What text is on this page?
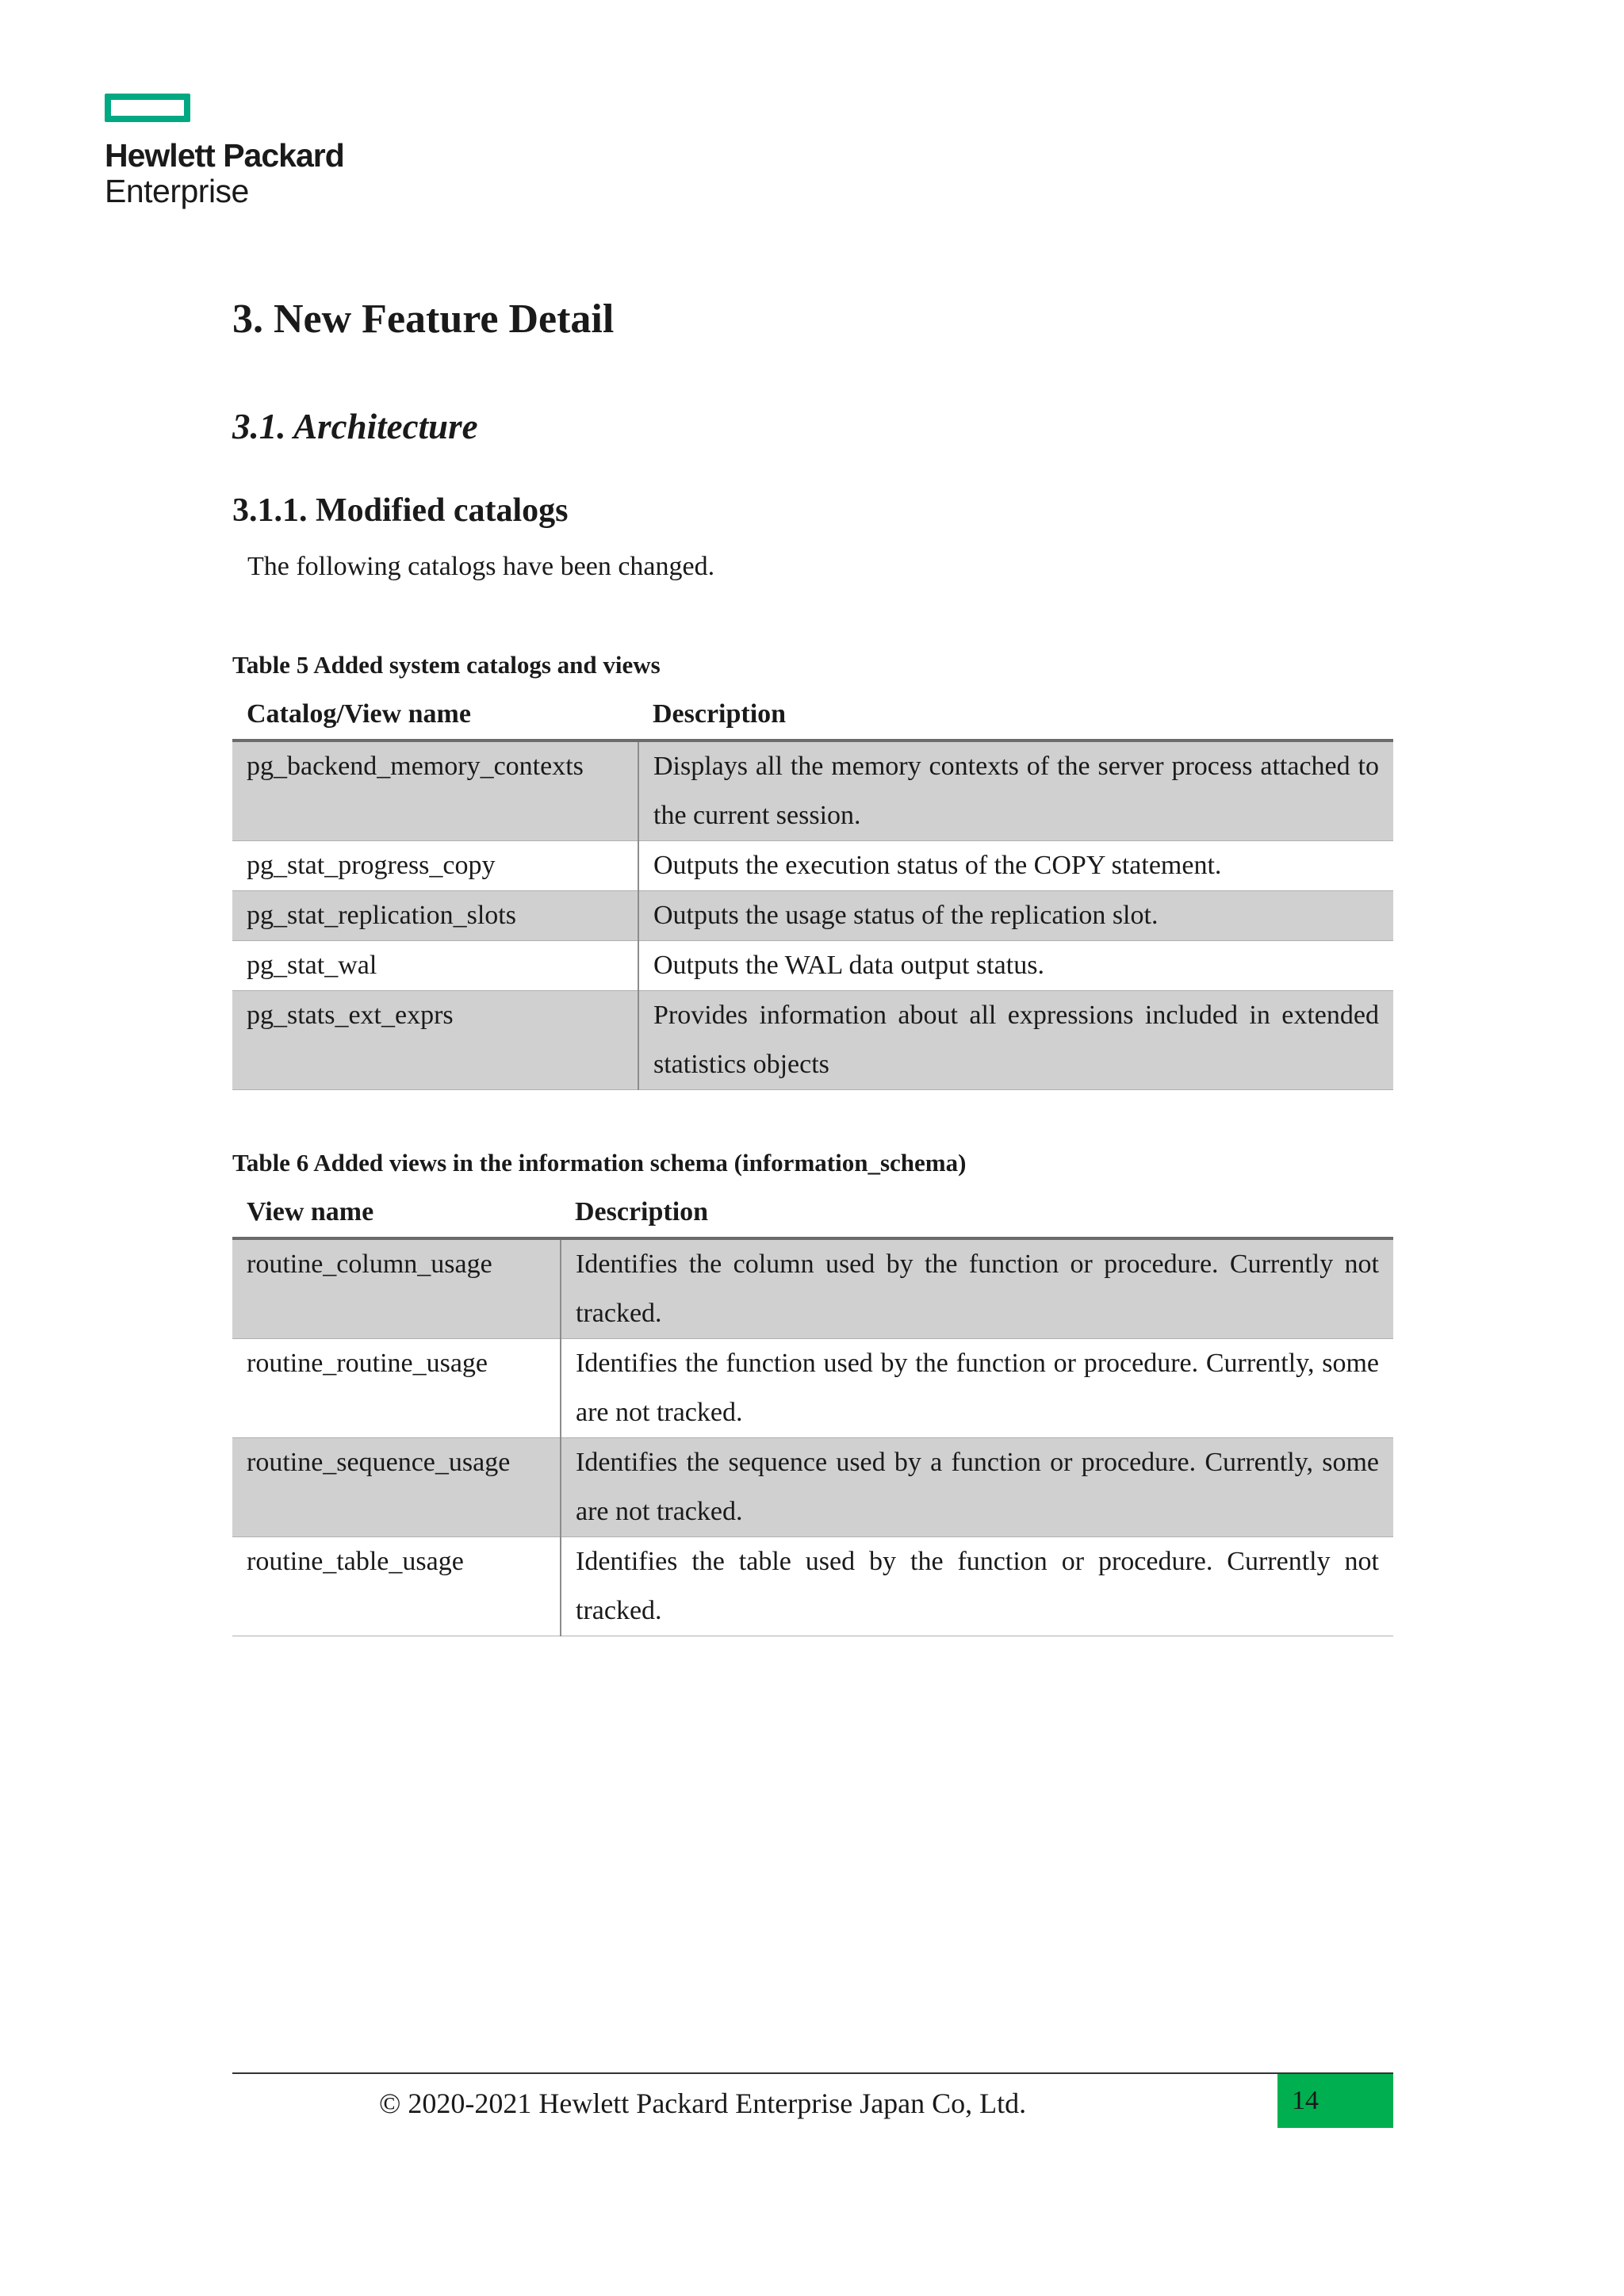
Hewlett Packard
Enterprise
3. New Feature Detail
3.1. Architecture
3.1.1. Modified catalogs

The following catalogs have been changed.

Table 5 Added system catalogs and views

Catalog/View name	Description
pg_backend_memory_contexts	Displays all the memory contexts of the server process attached to the current session.
pg_stat_progress_copy	Outputs the execution status of the COPY statement.
pg_stat_replication_slots	Outputs the usage status of the replication slot.
pg_stat_wal	Outputs the WAL data output status.
pg_stats_ext_exprs	Provides information about all expressions included in extended statistics objects

Table 6 Added views in the information schema (information_schema)

View name	Description
routine_column_usage	Identifies the column used by the function or procedure. Currently not tracked.
routine_routine_usage	Identifies the function used by the function or procedure. Currently, some are not tracked.
routine_sequence_usage	Identifies the sequence used by a function or procedure. Currently, some are not tracked.
routine_table_usage	Identifies the table used by the function or procedure. Currently not tracked.

© 2020-2021 Hewlett Packard Enterprise Japan Co, Ltd.	14
